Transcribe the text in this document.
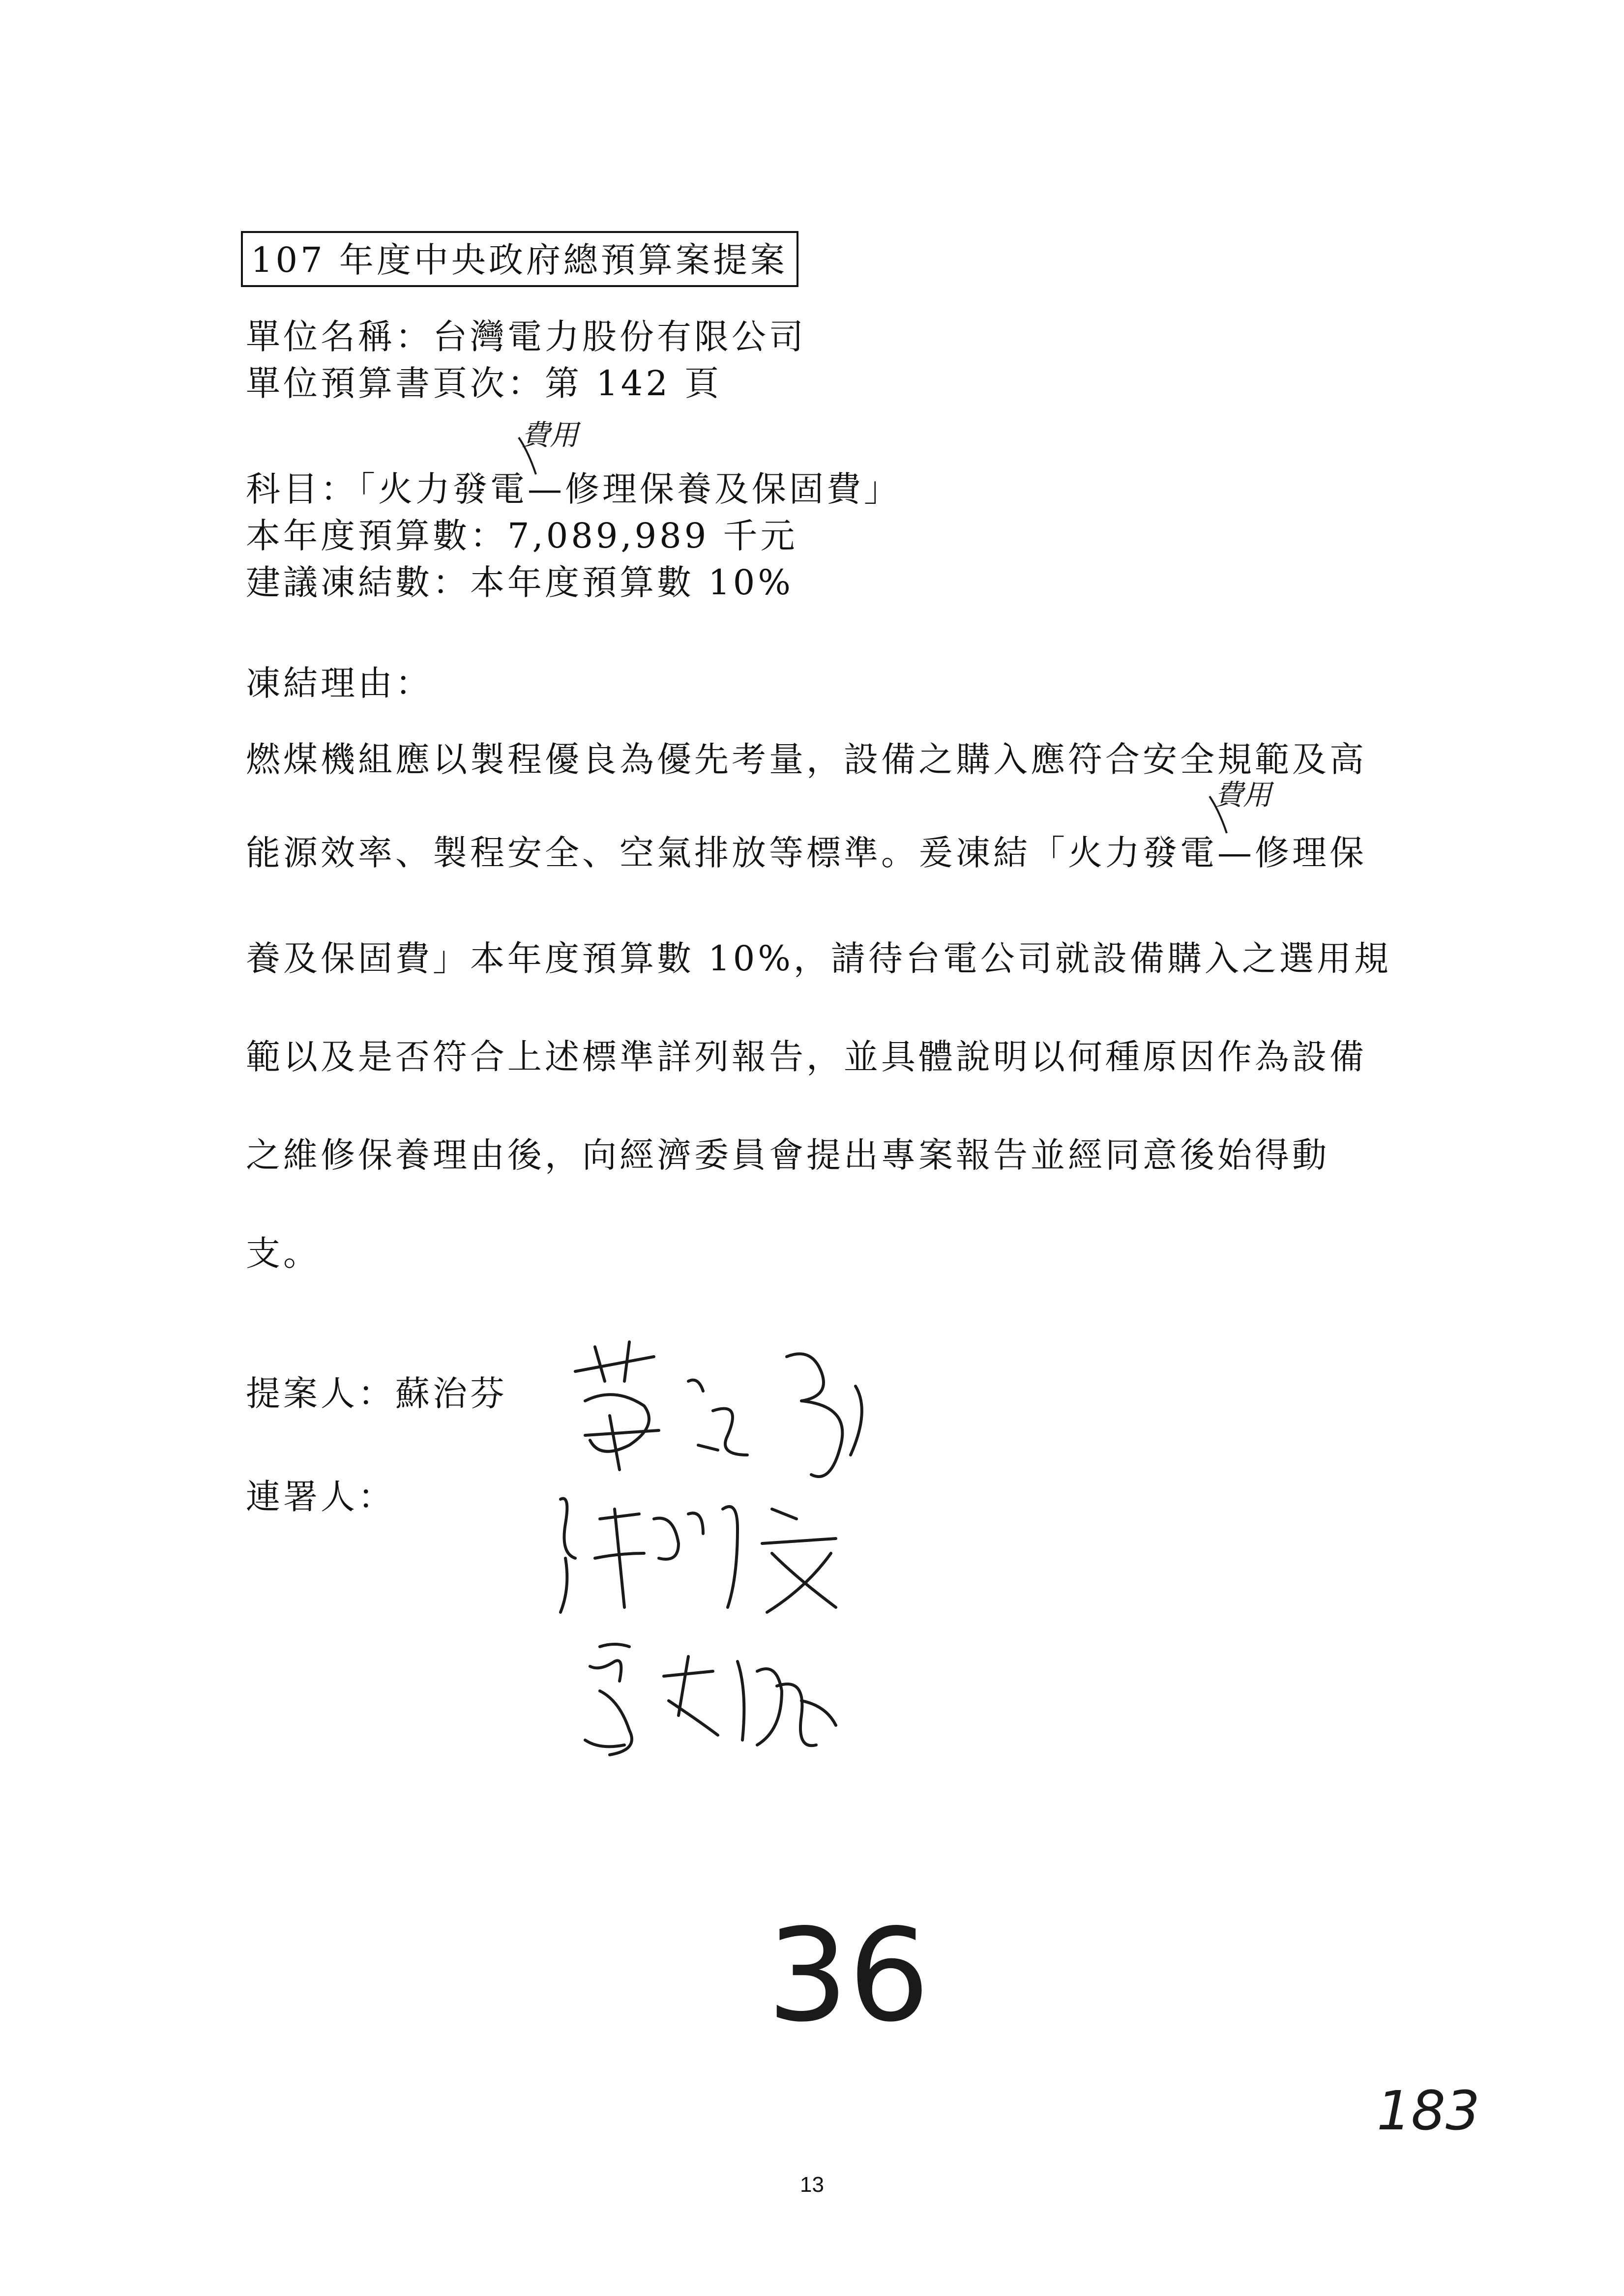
107 年度中央政府總預算案提案
單位名稱：台灣電力股份有限公司
單位預算書頁次：第 142 頁
費用
科目：「火力發電—修理保養及保固費」
本年度預算數：7,089,989 千元
建議凍結數：本年度預算數 10%
凍結理由：
燃煤機組應以製程優良為優先考量，設備之購入應符合安全規範及高
費用
能源效率、製程安全、空氣排放等標準。爰凍結「火力發電—修理保
養及保固費」本年度預算數 10%，請待台電公司就設備購入之選用規
範以及是否符合上述標準詳列報告，並具體說明以何種原因作為設備
之維修保養理由後，向經濟委員會提出專案報告並經同意後始得動
支。
提案人：蘇治芬
連署人：
36
183
13
